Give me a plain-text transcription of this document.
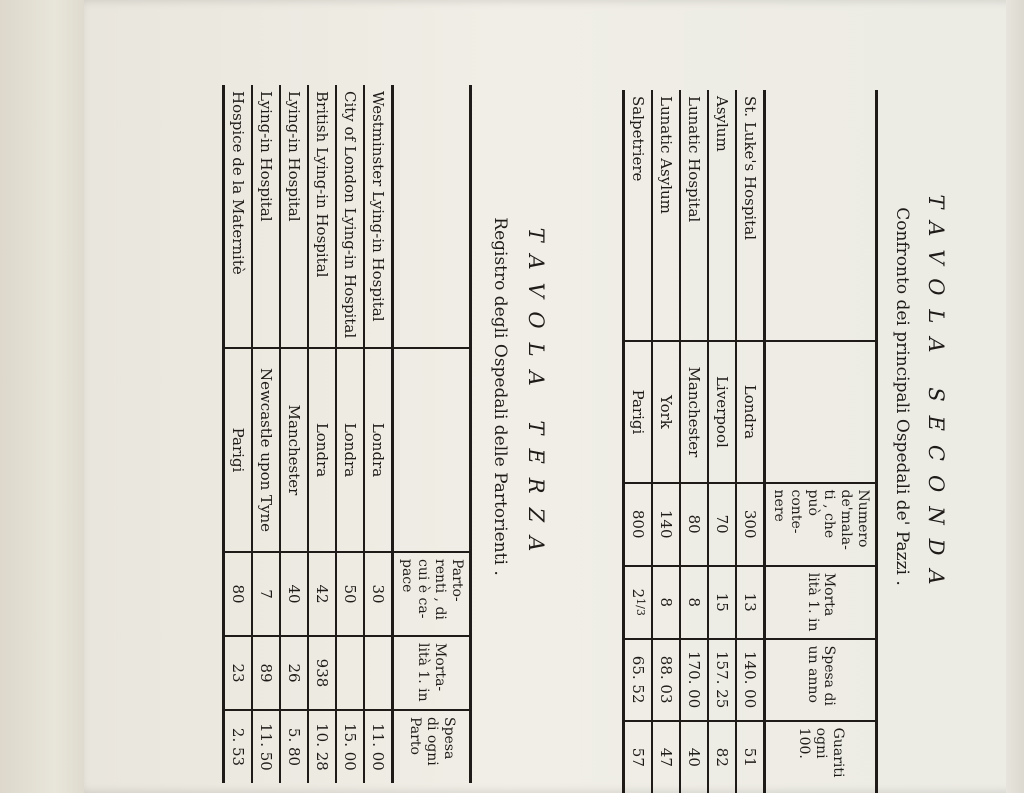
TAVOLA SECONDA
Confronto dei principali Ospedali de' Pazzi .
		Numero de'mala-ti , che può conte-nere	Morta lità 1. in	Spesa di un anno	Guariti ogni 100.
St. Luke's Hospital	Londra	300	13	140. 00	51
Asylum	Liverpool	70	15	157. 25	82
Lunatic Hospital	Manchester	80	8	170. 00	40
Lunatic Asylum	York	140	8	88. 03	47
Salpetriere	Parigi	800	$2^{1/3}$	65. 52	57
TAVOLA TERZA
Registro degli Ospedali delle Partorienti .
		Parto-renti , di cui è ca-pace	Morta-lità 1. in	Spesa di ogni Parto
Westminster Lying-in Hospital	Londra	30		11. 00
City of London Lying-in Hospital	Londra	50		15. 00
British Lying-in Hospital	Londra	42	938	10. 28
Lying-in Hospital	Manchester	40	26	5. 80
Lying-in Hospital	Newcastle upon Tyne	7	89	11. 50
Hospice de la Maternitè	Parigi	80	23	2. 53
